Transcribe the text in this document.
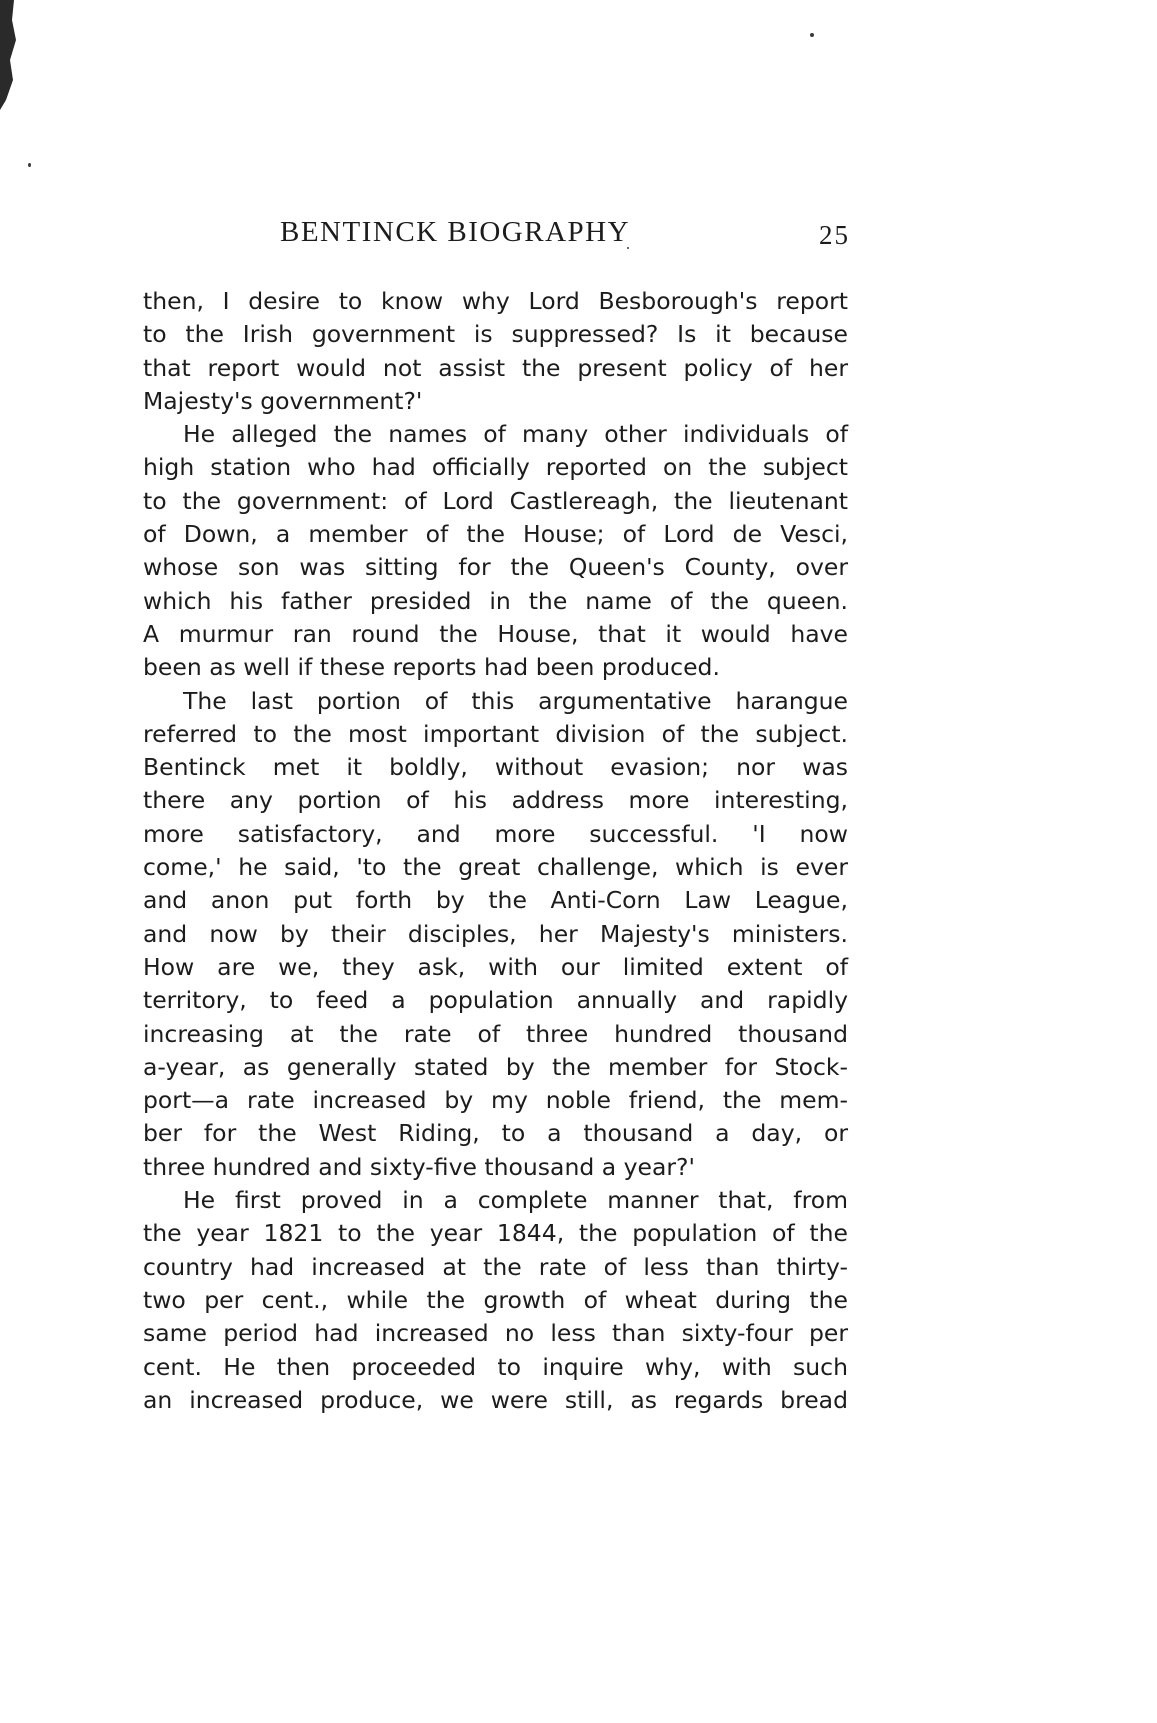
BENTINCK BIOGRAPHY	25
then, I desire to know why Lord Besborough's report
to the Irish government is suppressed? Is it because
that report would not assist the present policy of her
Majesty's government?'
He alleged the names of many other individuals of
high station who had officially reported on the subject
to the government: of Lord Castlereagh, the lieutenant
of Down, a member of the House; of Lord de Vesci,
whose son was sitting for the Queen's County, over
which his father presided in the name of the queen.
A murmur ran round the House, that it would have
been as well if these reports had been produced.
The last portion of this argumentative harangue
referred to the most important division of the subject.
Bentinck met it boldly, without evasion; nor was
there any portion of his address more interesting,
more satisfactory, and more successful. 'I now
come,' he said, 'to the great challenge, which is ever
and anon put forth by the Anti-Corn Law League,
and now by their disciples, her Majesty's ministers.
How are we, they ask, with our limited extent of
territory, to feed a population annually and rapidly
increasing at the rate of three hundred thousand
a-year, as generally stated by the member for Stock-
port—a rate increased by my noble friend, the mem-
ber for the West Riding, to a thousand a day, or
three hundred and sixty-five thousand a year?'
He first proved in a complete manner that, from
the year 1821 to the year 1844, the population of the
country had increased at the rate of less than thirty-
two per cent., while the growth of wheat during the
same period had increased no less than sixty-four per
cent. He then proceeded to inquire why, with such
an increased produce, we were still, as regards bread
